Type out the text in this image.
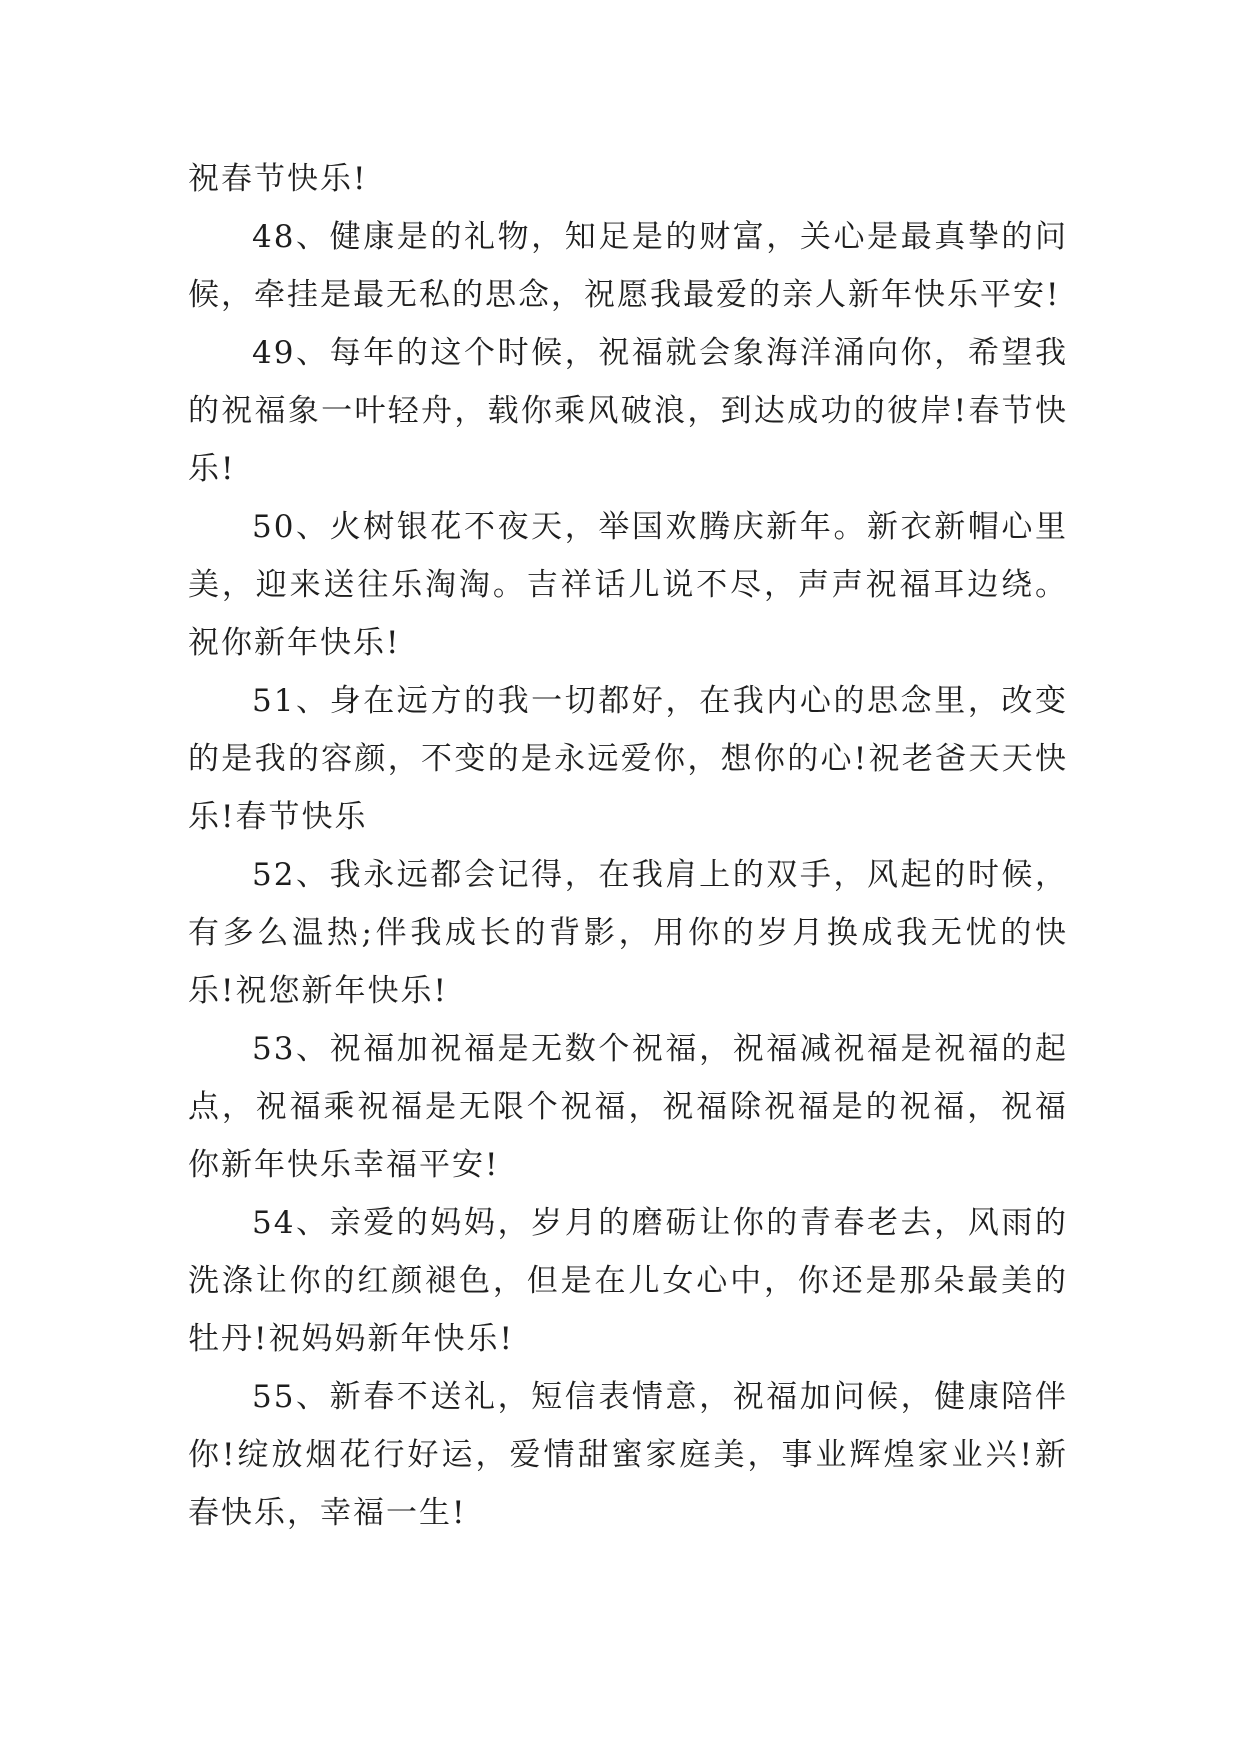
祝春节快乐!

48、健康是的礼物，知足是的财富，关心是最真挚的问候，牵挂是最无私的思念，祝愿我最爱的亲人新年快乐平安!

49、每年的这个时候，祝福就会象海洋涌向你，希望我的祝福象一叶轻舟，载你乘风破浪，到达成功的彼岸!春节快乐!

50、火树银花不夜天，举国欢腾庆新年。新衣新帽心里美，迎来送往乐淘淘。吉祥话儿说不尽，声声祝福耳边绕。祝你新年快乐!

51、身在远方的我一切都好，在我内心的思念里，改变的是我的容颜，不变的是永远爱你，想你的心!祝老爸天天快乐!春节快乐

52、我永远都会记得，在我肩上的双手，风起的时候，有多么温热;伴我成长的背影，用你的岁月换成我无忧的快乐!祝您新年快乐!

53、祝福加祝福是无数个祝福，祝福减祝福是祝福的起点，祝福乘祝福是无限个祝福，祝福除祝福是的祝福，祝福你新年快乐幸福平安!

54、亲爱的妈妈，岁月的磨砺让你的青春老去，风雨的洗涤让你的红颜褪色，但是在儿女心中，你还是那朵最美的牡丹!祝妈妈新年快乐!

55、新春不送礼，短信表情意，祝福加问候，健康陪伴你!绽放烟花行好运，爱情甜蜜家庭美，事业辉煌家业兴!新春快乐，幸福一生!
